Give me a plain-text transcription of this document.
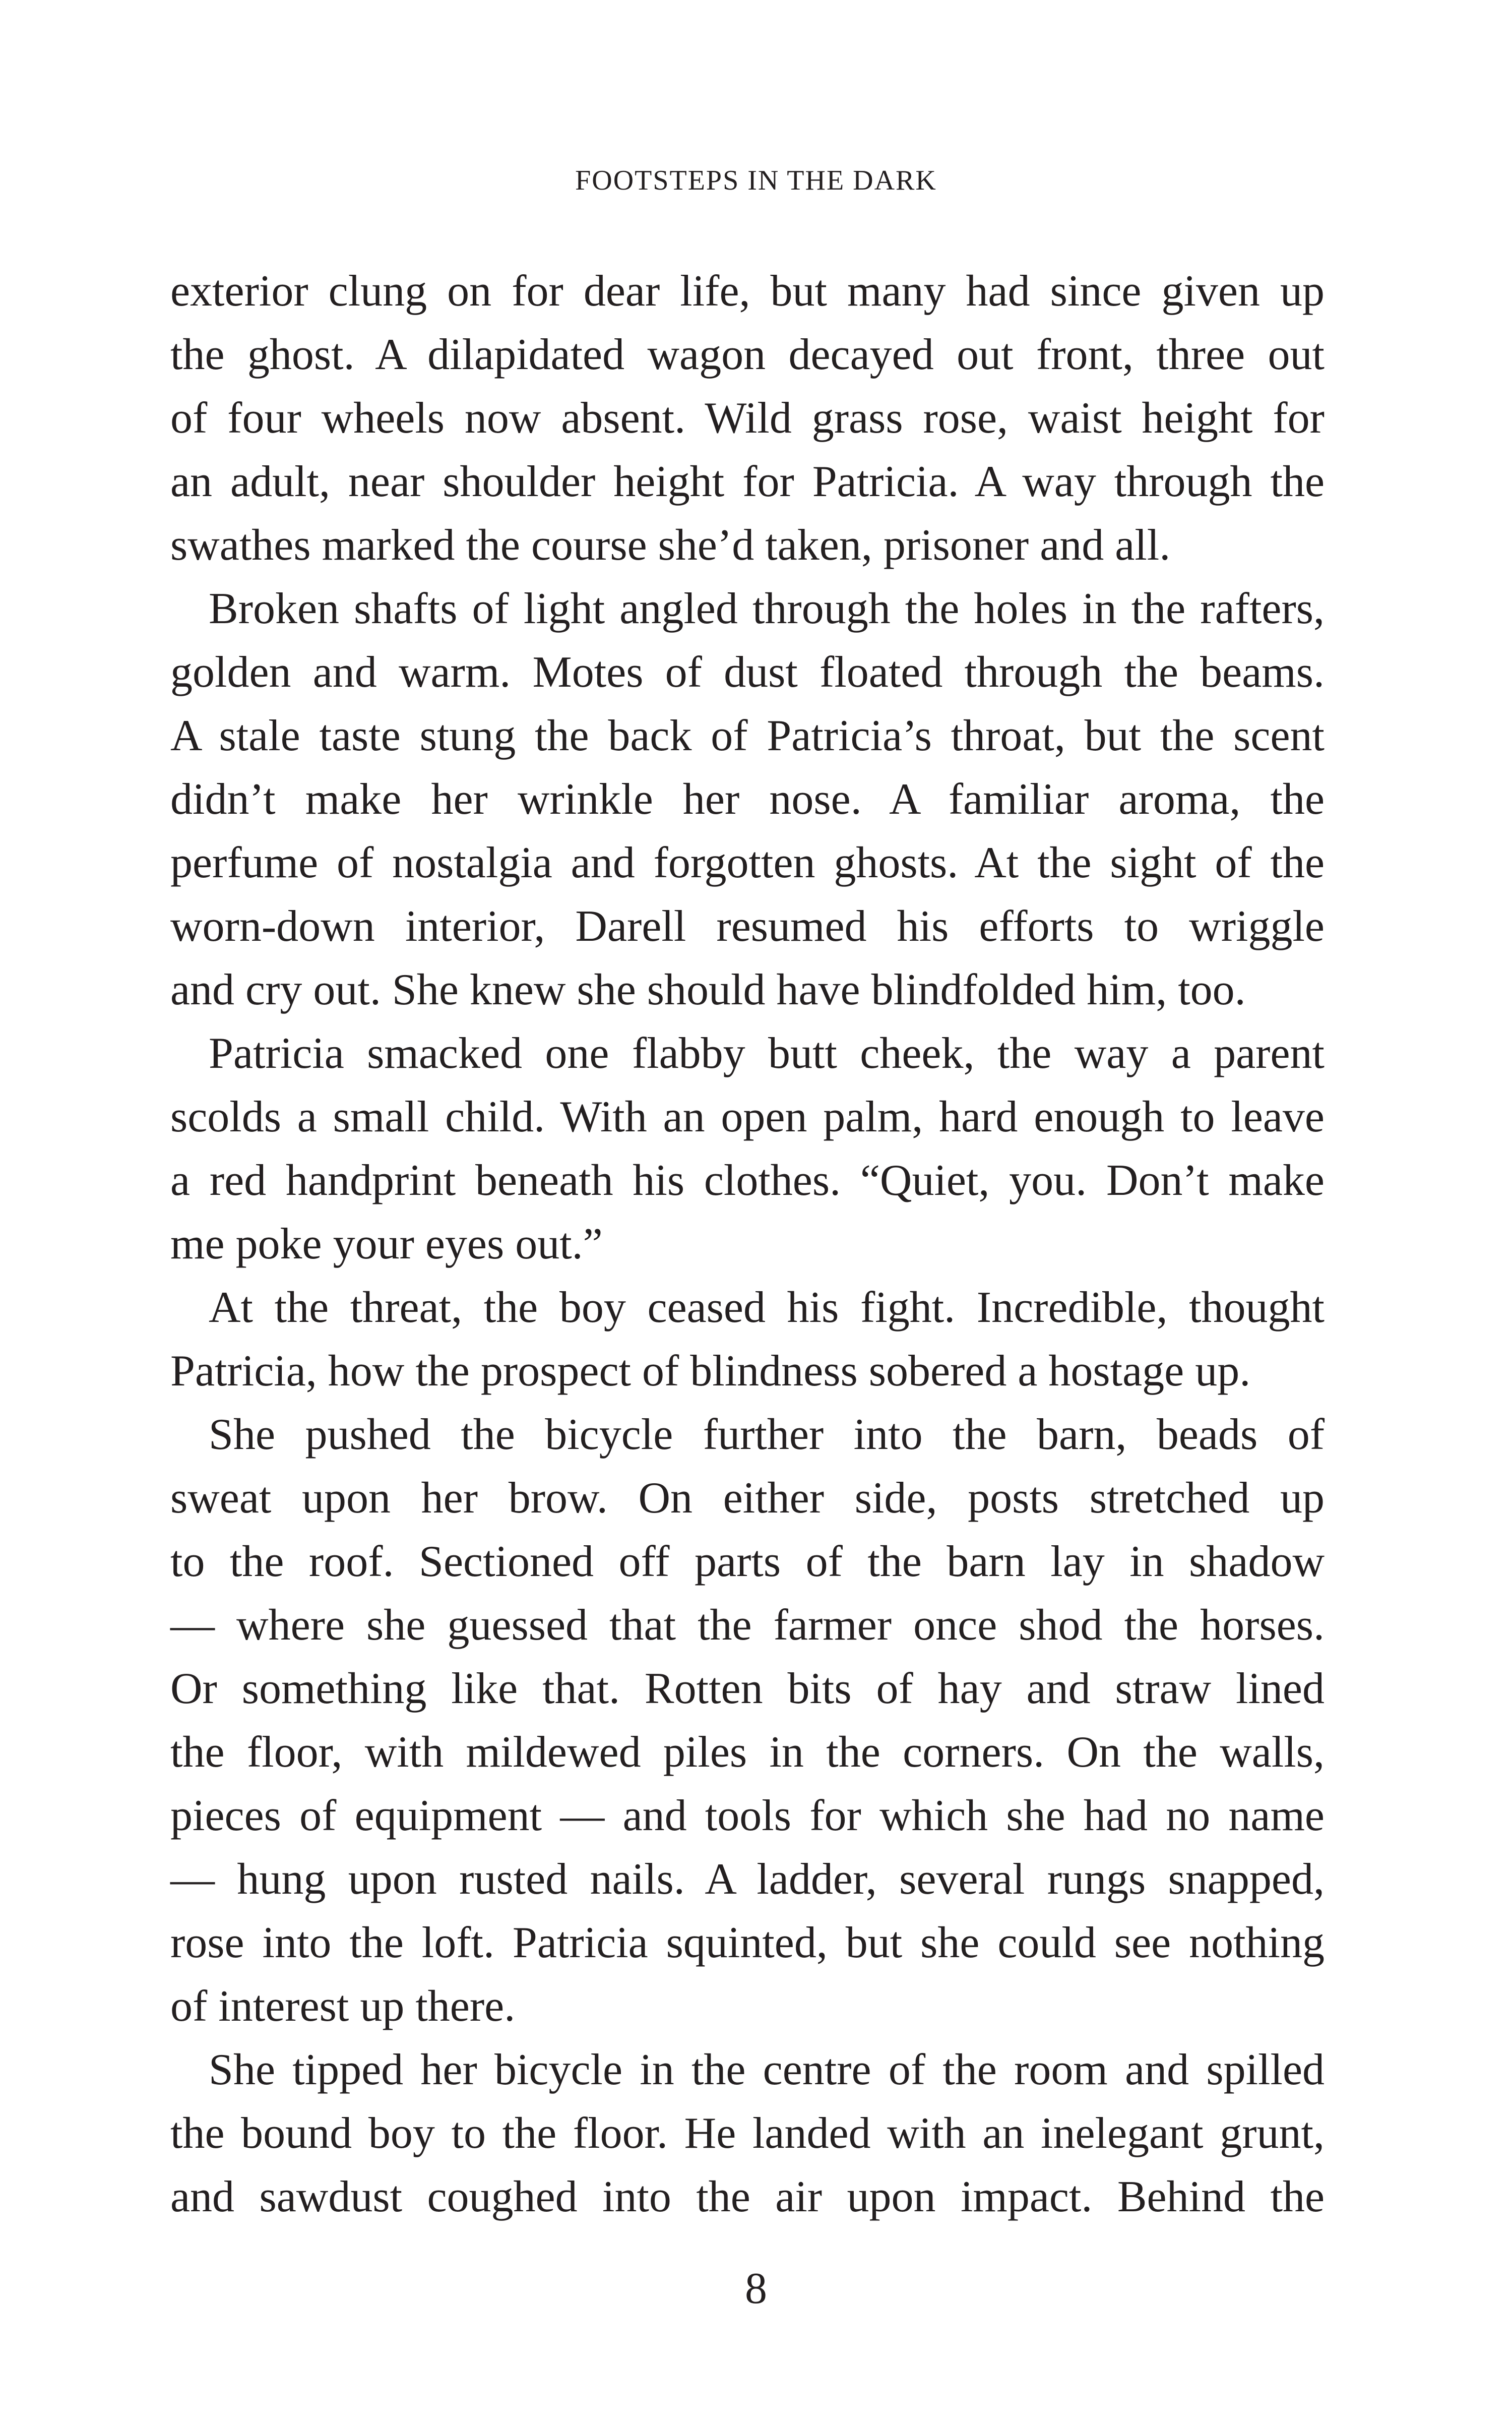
FOOTSTEPS IN THE DARK
exterior clung on for dear life, but many had since given up
the ghost. A dilapidated wagon decayed out front, three out
of four wheels now absent. Wild grass rose, waist height for
an adult, near shoulder height for Patricia. A way through the
swathes marked the course she’d taken, prisoner and all.
Broken shafts of light angled through the holes in the rafters,
golden and warm. Motes of dust floated through the beams.
A stale taste stung the back of Patricia’s throat, but the scent
didn’t make her wrinkle her nose. A familiar aroma, the
perfume of nostalgia and forgotten ghosts. At the sight of the
worn-down interior, Darell resumed his efforts to wriggle
and cry out. She knew she should have blindfolded him, too.
Patricia smacked one flabby butt cheek, the way a parent
scolds a small child. With an open palm, hard enough to leave
a red handprint beneath his clothes. “Quiet, you. Don’t make
me poke your eyes out.”
At the threat, the boy ceased his fight. Incredible, thought
Patricia, how the prospect of blindness sobered a hostage up.
She pushed the bicycle further into the barn, beads of
sweat upon her brow. On either side, posts stretched up
to the roof. Sectioned off parts of the barn lay in shadow
— where she guessed that the farmer once shod the horses.
Or something like that. Rotten bits of hay and straw lined
the floor, with mildewed piles in the corners. On the walls,
pieces of equipment — and tools for which she had no name
— hung upon rusted nails. A ladder, several rungs snapped,
rose into the loft. Patricia squinted, but she could see nothing
of interest up there.
She tipped her bicycle in the centre of the room and spilled
the bound boy to the floor. He landed with an inelegant grunt,
and sawdust coughed into the air upon impact. Behind the
8
